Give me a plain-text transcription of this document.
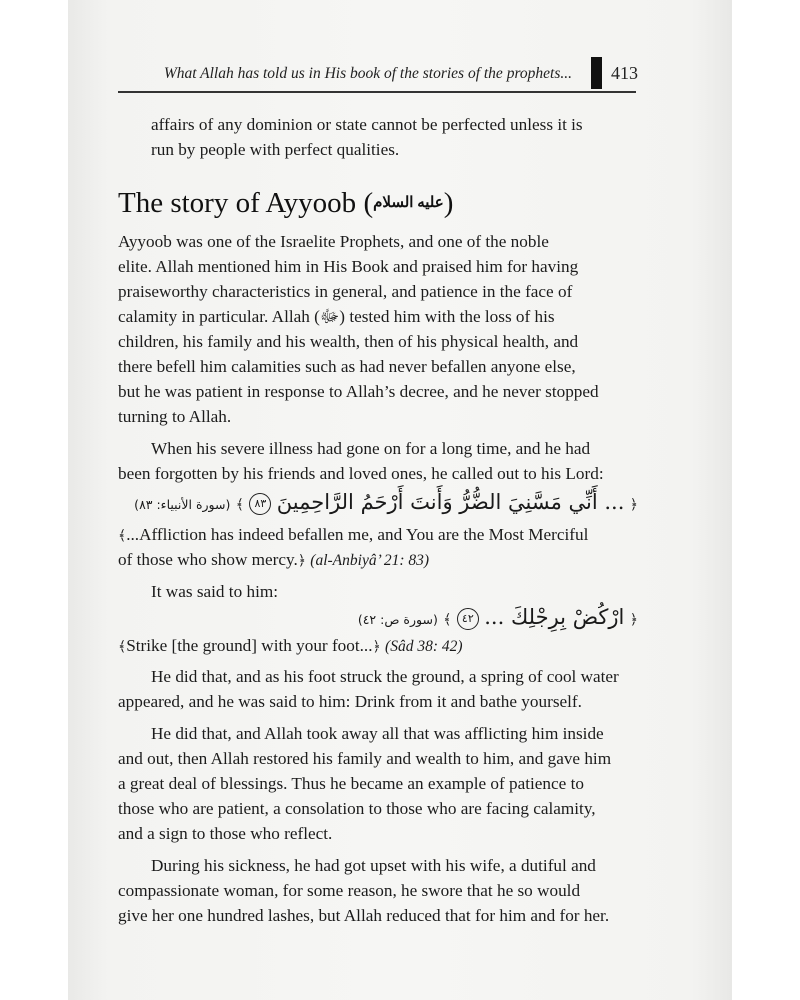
What Allah has told us in His book of the stories of the prophets... 413

affairs of any dominion or state cannot be perfected unless it is

run by people with perfect qualities.

The story of Ayyoob (عليه السلام)

Ayyoob was one of the Israelite Prophets, and one of the noble

elite. Allah mentioned him in His Book and praised him for having

praiseworthy characteristics in general, and patience in the face of

calamity in particular. Allah (ﷻ) tested him with the loss of his

children, his family and his wealth, then of his physical health, and

there befell him calamities such as had never befallen anyone else,

but he was patient in response to Allah’s decree, and he never stopped

turning to Allah.

When his severe illness had gone on for a long time, and he had

been forgotten by his friends and loved ones, he called out to his Lord:

﴿ ... أَنِّي مَسَّنِيَ الضُّرُّ وَأَنتَ أَرْحَمُ الرَّاحِمِينَ ٨٣ ﴾ (سورة الأنبياء: ٨٣)

﴾...Affliction has indeed befallen me, and You are the Most Merciful

of those who show mercy.﴿ (al-Anbiyâ’ 21: 83)

It was said to him:

﴿ ارْكُضْ بِرِجْلِكَ ... ٤٢ ﴾ (سورة ص: ٤٢)

﴾Strike [the ground] with your foot...﴿ (Sâd 38: 42)

He did that, and as his foot struck the ground, a spring of cool water

appeared, and he was said to him: Drink from it and bathe yourself.

He did that, and Allah took away all that was afflicting him inside

and out, then Allah restored his family and wealth to him, and gave him

a great deal of blessings. Thus he became an example of patience to

those who are patient, a consolation to those who are facing calamity,

and a sign to those who reflect.

During his sickness, he had got upset with his wife, a dutiful and

compassionate woman, for some reason, he swore that he so would

give her one hundred lashes, but Allah reduced that for him and for her.
